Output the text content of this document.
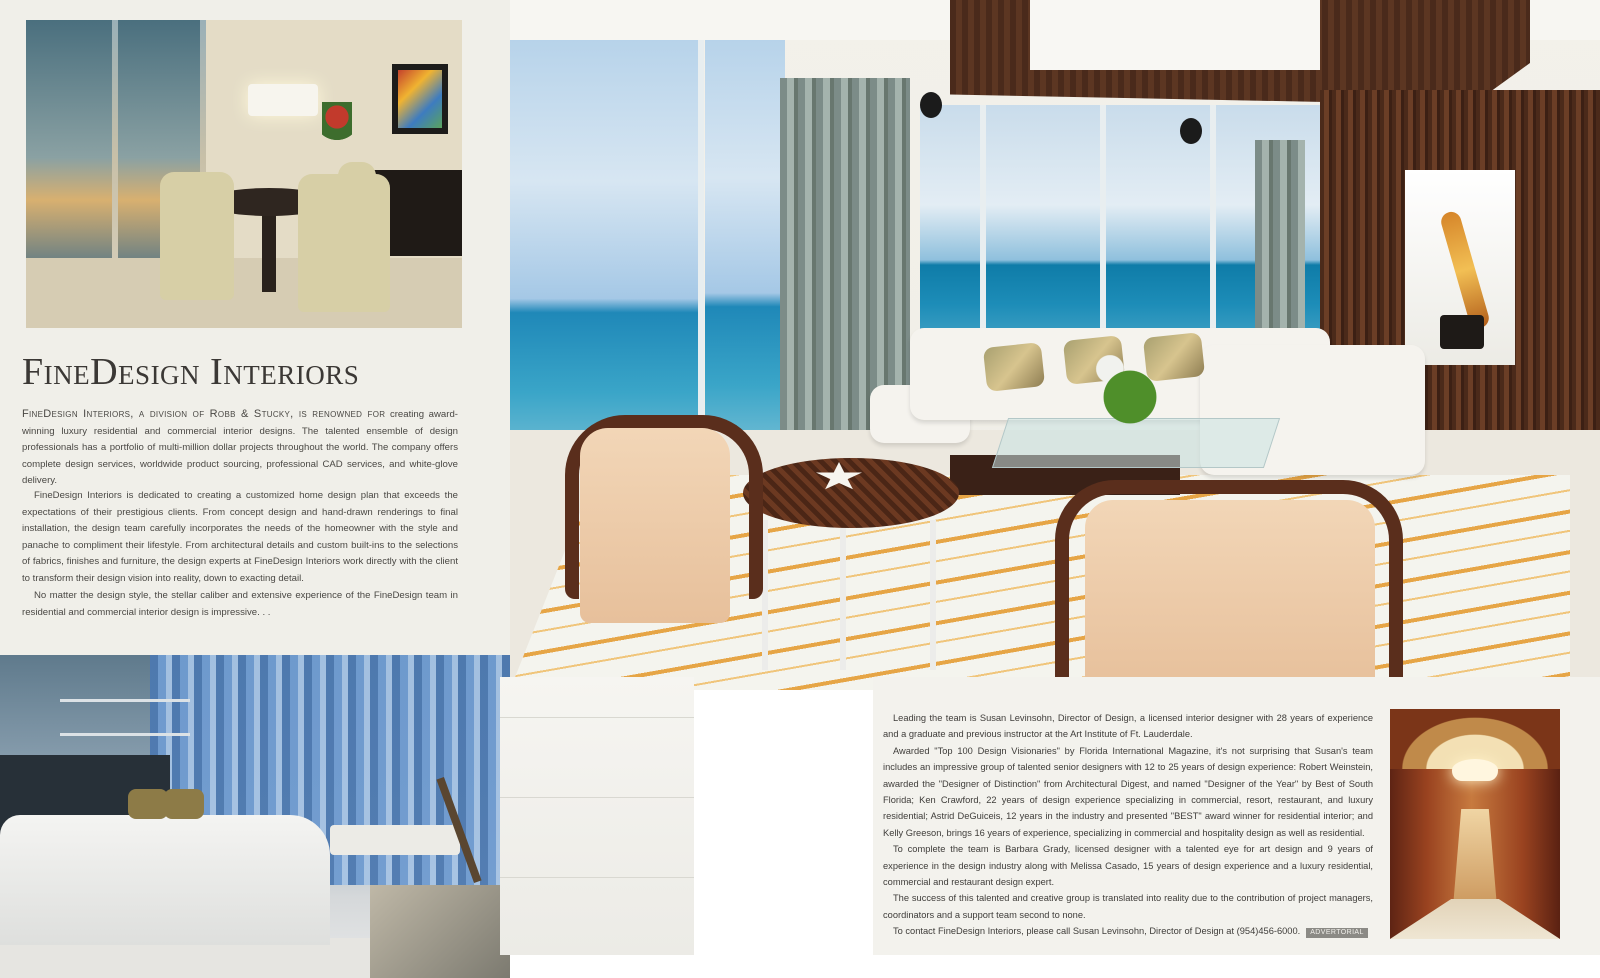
FineDesign Interiors

FineDesign Interiors, a division of Robb & Stucky, is renowned for creating award-winning luxury residential and commercial interior designs. The talented ensemble of design professionals has a portfolio of multi-million dollar projects throughout the world. The company offers complete design services, worldwide product sourcing, professional CAD services, and white-glove delivery.

FineDesign Interiors is dedicated to creating a customized home design plan that exceeds the expectations of their prestigious clients. From concept design and hand-drawn renderings to final installation, the design team carefully incorporates the needs of the homeowner with the style and panache to compliment their lifestyle. From architectural details and custom built-ins to the selections of fabrics, finishes and furniture, the design experts at FineDesign Interiors work directly with the client to transform their design vision into reality, down to exacting detail.

No matter the design style, the stellar caliber and extensive experience of the FineDesign team in residential and commercial interior design is impressive. . .

Leading the team is Susan Levinsohn, Director of Design, a licensed interior designer with 28 years of experience and a graduate and previous instructor at the Art Institute of Ft. Lauderdale.

Awarded "Top 100 Design Visionaries" by Florida International Magazine, it's not surprising that Susan's team includes an impressive group of talented senior designers with 12 to 25 years of design experience: Robert Weinstein, awarded the "Designer of Distinction" from Architectural Digest, and named "Designer of the Year" by Best of South Florida; Ken Crawford, 22 years of design experience specializing in commercial, resort, restaurant, and luxury residential; Astrid DeGuiceis, 12 years in the industry and presented "BEST" award winner for residential interior; and Kelly Greeson, brings 16 years of experience, specializing in commercial and hospitality design as well as residential.

To complete the team is Barbara Grady, licensed designer with a talented eye for art design and 9 years of experience in the design industry along with Melissa Casado, 15 years of design experience and a luxury residential, commercial and restaurant design expert.

The success of this talented and creative group is translated into reality due to the contribution of project managers, coordinators and a support team second to none.

To contact FineDesign Interiors, please call Susan Levinsohn, Director of Design at (954)456-6000. ADVERTORIAL
